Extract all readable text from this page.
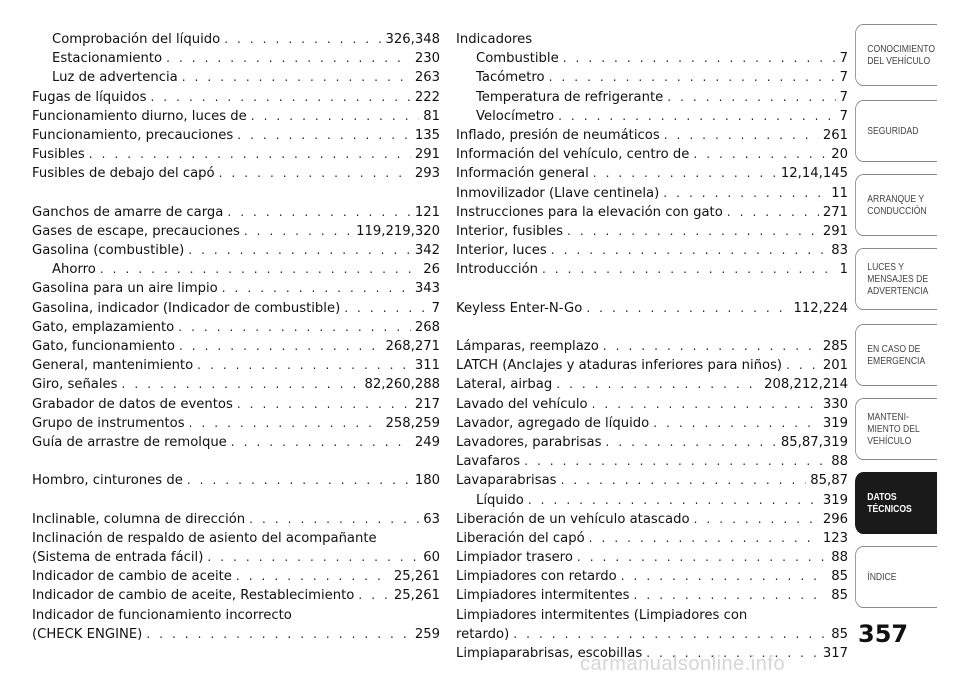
Comprobación del líquido . . .	326,348
Estacionamiento . . .	230
Luz de advertencia . . .	263
Fugas de líquidos . . .	222
Funcionamiento diurno, luces de . . .	81
Funcionamiento, precauciones . . .	135
Fusibles . . .	291
Fusibles de debajo del capó . . .	293
Ganchos de amarre de carga . . .	121
Gases de escape, precauciones . . .	119,219,320
Gasolina (combustible) . . .	342
Ahorro . . .	26
Gasolina para un aire limpio . . .	343
Gasolina, indicador (Indicador de combustible) . . .	7
Gato, emplazamiento . . .	268
Gato, funcionamiento . . .	268,271
General, mantenimiento . . .	311
Giro, señales . . .	82,260,288
Grabador de datos de eventos . . .	217
Grupo de instrumentos . . .	258,259
Guía de arrastre de remolque . . .	249
Hombro, cinturones de . . .	180
Inclinable, columna de dirección . . .	63
Inclinación de respaldo de asiento del acompañante
(Sistema de entrada fácil) . . .	60
Indicador de cambio de aceite . . .	25,261
Indicador de cambio de aceite, Restablecimiento . . .	25,261
Indicador de funcionamiento incorrecto
(CHECK ENGINE) . . .	259
Indicadores
Combustible . . .	7
Tacómetro . . .	7
Temperatura de refrigerante . . .	7
Velocímetro . . .	7
Inflado, presión de neumáticos . . .	261
Información del vehículo, centro de . . .	20
Información general . . .	12,14,145
Inmovilizador (Llave centinela) . . .	11
Instrucciones para la elevación con gato . . .	271
Interior, fusibles . . .	291
Interior, luces . . .	83
Introducción . . .	1
Keyless Enter-N-Go . . .	112,224
Lámparas, reemplazo . . .	285
LATCH (Anclajes y ataduras inferiores para niños) . . .	201
Lateral, airbag . . .	208,212,214
Lavado del vehículo . . .	330
Lavador, agregado de líquido . . .	319
Lavadores, parabrisas . . .	85,87,319
Lavafaros . . .	88
Lavaparabrisas . . .	85,87
Líquido . . .	319
Liberación de un vehículo atascado . . .	296
Liberación del capó . . .	123
Limpiador trasero . . .	88
Limpiadores con retardo . . .	85
Limpiadores intermitentes . . .	85
Limpiadores intermitentes (Limpiadores con
retardo) . . .	85
Limpiaparabrisas, escobillas . . .	317
CONOCIMIENTO
DEL VEHÍCULO
SEGURIDAD
ARRANQUE Y
CONDUCCIÓN
LUCES Y
MENSAJES DE
ADVERTENCIA
EN CASO DE
EMERGENCIA
MANTENI-
MIENTO DEL
VEHÍCULO
DATOS
TÉCNICOS
ÍNDICE
357
carmanualsonline.info
